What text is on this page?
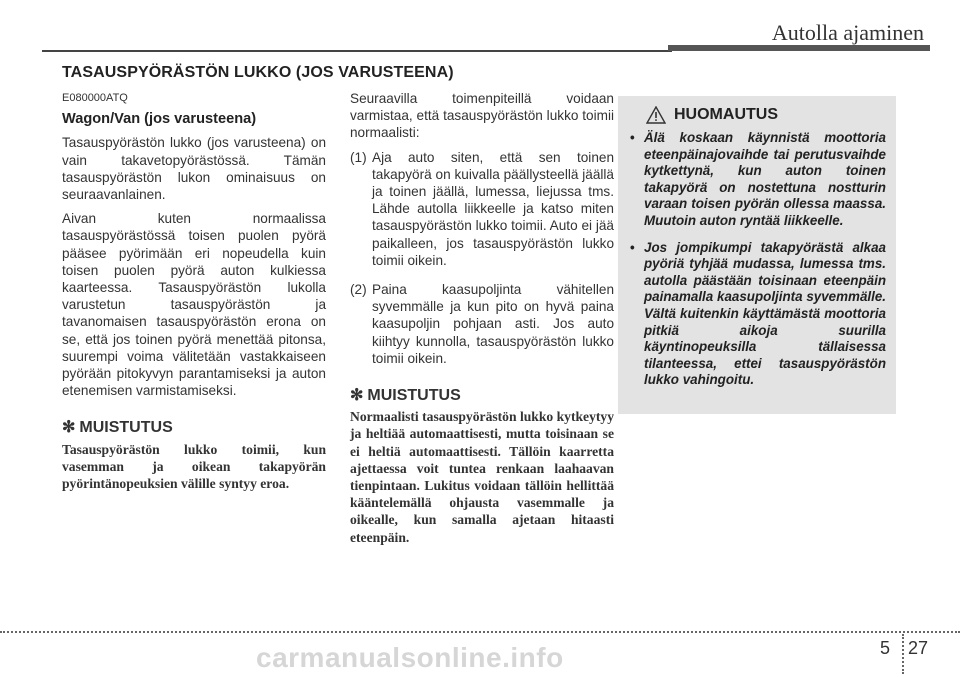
Autolla ajaminen
TASAUSPYÖRÄSTÖN LUKKO (JOS VARUSTEENA)
E080000ATQ
Wagon/Van (jos varusteena)

Tasauspyörästön lukko (jos varusteena) on vain takavetopyörästössä. Tämän tasauspyörästön lukon ominaisuus on seuraavanlainen.

Aivan kuten normaalissa tasauspyörästössä toisen puolen pyörä pääsee pyörimään eri nopeudella kuin toisen puolen pyörä auton kulkiessa kaarteessa. Tasauspyörästön lukolla varustetun tasauspyörästön ja tavanomaisen tasauspyörästön erona on se, että jos toinen pyörä menettää pitonsa, suurempi voima välitetään vastakkaiseen pyörään pitokyvyn parantamiseksi ja auton etenemisen varmistamiseksi.

✻ MUISTUTUS
Tasauspyörästön lukko toimii, kun vasemman ja oikean takapyörän pyörintänopeuksien välille syntyy eroa.

Seuraavilla toimenpiteillä voidaan varmistaa, että tasauspyörästön lukko toimii normaalisti:

(1) Aja auto siten, että sen toinen takapyörä on kuivalla päällysteellä jäällä ja toinen jäällä, lumessa, liejussa tms. Lähde autolla liikkeelle ja katso miten tasauspyörästön lukko toimii. Auto ei jää paikalleen, jos tasauspyörästön lukko toimii oikein.
(2) Paina kaasupoljinta vähitellen syvemmälle ja kun pito on hyvä paina kaasupoljin pohjaan asti. Jos auto kiihtyy kunnolla, tasauspyörästön lukko toimii oikein.
✻ MUISTUTUS
Normaalisti tasauspyörästön lukko kytkeytyy ja heltiää automaattisesti, mutta toisinaan se ei heltiä automaattisesti. Tällöin kaarretta ajettaessa voit tuntea renkaan laahaavan tienpintaan. Lukitus voidaan tällöin hellittää kääntelemällä ohjausta vasemmalle ja oikealle, kun samalla ajetaan hitaasti eteenpäin.
HUOMAUTUS
• Älä koskaan käynnistä moottoria eteenpäinajovaihde tai perutusvaihde kytkettynä, kun auton toinen takapyörä on nostettuna nostturin varaan toisen pyörän ollessa maassa. Muutoin auton ryntää liikkeelle.
• Jos jompikumpi takapyörästä alkaa pyöriä tyhjää mudassa, lumessa tms. autolla päästään toisinaan eteenpäin painamalla kaasupoljinta syvemmälle. Vältä kuitenkin käyttämästä moottoria pitkiä aikoja suurilla käyntinopeuksilla tällaisessa tilanteessa, ettei tasauspyörästön lukko vahingoitu.
5 27
carmanualsonline.info
